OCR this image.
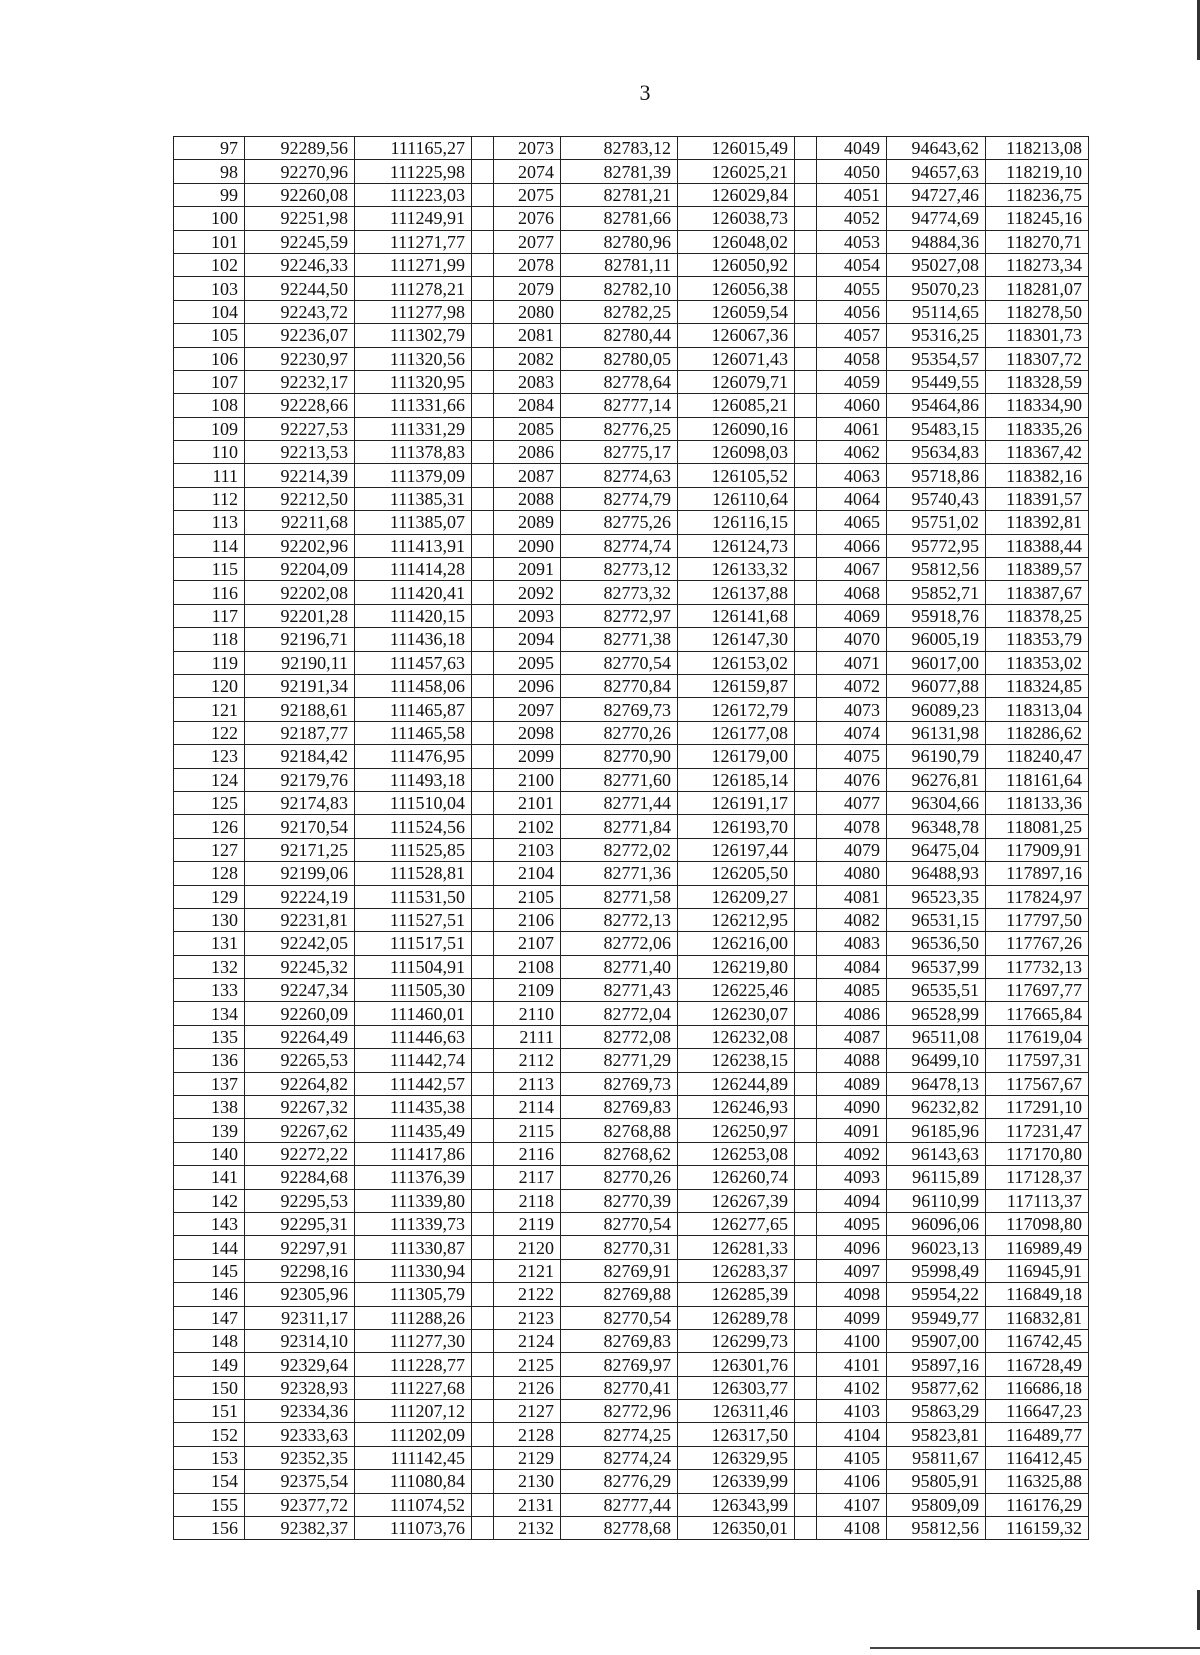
3
97	92289,56	111165,27		2073	82783,12	126015,49		4049	94643,62	118213,08
98	92270,96	111225,98		2074	82781,39	126025,21		4050	94657,63	118219,10
99	92260,08	111223,03		2075	82781,21	126029,84		4051	94727,46	118236,75
100	92251,98	111249,91		2076	82781,66	126038,73		4052	94774,69	118245,16
101	92245,59	111271,77		2077	82780,96	126048,02		4053	94884,36	118270,71
102	92246,33	111271,99		2078	82781,11	126050,92		4054	95027,08	118273,34
103	92244,50	111278,21		2079	82782,10	126056,38		4055	95070,23	118281,07
104	92243,72	111277,98		2080	82782,25	126059,54		4056	95114,65	118278,50
105	92236,07	111302,79		2081	82780,44	126067,36		4057	95316,25	118301,73
106	92230,97	111320,56		2082	82780,05	126071,43		4058	95354,57	118307,72
107	92232,17	111320,95		2083	82778,64	126079,71		4059	95449,55	118328,59
108	92228,66	111331,66		2084	82777,14	126085,21		4060	95464,86	118334,90
109	92227,53	111331,29		2085	82776,25	126090,16		4061	95483,15	118335,26
110	92213,53	111378,83		2086	82775,17	126098,03		4062	95634,83	118367,42
111	92214,39	111379,09		2087	82774,63	126105,52		4063	95718,86	118382,16
112	92212,50	111385,31		2088	82774,79	126110,64		4064	95740,43	118391,57
113	92211,68	111385,07		2089	82775,26	126116,15		4065	95751,02	118392,81
114	92202,96	111413,91		2090	82774,74	126124,73		4066	95772,95	118388,44
115	92204,09	111414,28		2091	82773,12	126133,32		4067	95812,56	118389,57
116	92202,08	111420,41		2092	82773,32	126137,88		4068	95852,71	118387,67
117	92201,28	111420,15		2093	82772,97	126141,68		4069	95918,76	118378,25
118	92196,71	111436,18		2094	82771,38	126147,30		4070	96005,19	118353,79
119	92190,11	111457,63		2095	82770,54	126153,02		4071	96017,00	118353,02
120	92191,34	111458,06		2096	82770,84	126159,87		4072	96077,88	118324,85
121	92188,61	111465,87		2097	82769,73	126172,79		4073	96089,23	118313,04
122	92187,77	111465,58		2098	82770,26	126177,08		4074	96131,98	118286,62
123	92184,42	111476,95		2099	82770,90	126179,00		4075	96190,79	118240,47
124	92179,76	111493,18		2100	82771,60	126185,14		4076	96276,81	118161,64
125	92174,83	111510,04		2101	82771,44	126191,17		4077	96304,66	118133,36
126	92170,54	111524,56		2102	82771,84	126193,70		4078	96348,78	118081,25
127	92171,25	111525,85		2103	82772,02	126197,44		4079	96475,04	117909,91
128	92199,06	111528,81		2104	82771,36	126205,50		4080	96488,93	117897,16
129	92224,19	111531,50		2105	82771,58	126209,27		4081	96523,35	117824,97
130	92231,81	111527,51		2106	82772,13	126212,95		4082	96531,15	117797,50
131	92242,05	111517,51		2107	82772,06	126216,00		4083	96536,50	117767,26
132	92245,32	111504,91		2108	82771,40	126219,80		4084	96537,99	117732,13
133	92247,34	111505,30		2109	82771,43	126225,46		4085	96535,51	117697,77
134	92260,09	111460,01		2110	82772,04	126230,07		4086	96528,99	117665,84
135	92264,49	111446,63		2111	82772,08	126232,08		4087	96511,08	117619,04
136	92265,53	111442,74		2112	82771,29	126238,15		4088	96499,10	117597,31
137	92264,82	111442,57		2113	82769,73	126244,89		4089	96478,13	117567,67
138	92267,32	111435,38		2114	82769,83	126246,93		4090	96232,82	117291,10
139	92267,62	111435,49		2115	82768,88	126250,97		4091	96185,96	117231,47
140	92272,22	111417,86		2116	82768,62	126253,08		4092	96143,63	117170,80
141	92284,68	111376,39		2117	82770,26	126260,74		4093	96115,89	117128,37
142	92295,53	111339,80		2118	82770,39	126267,39		4094	96110,99	117113,37
143	92295,31	111339,73		2119	82770,54	126277,65		4095	96096,06	117098,80
144	92297,91	111330,87		2120	82770,31	126281,33		4096	96023,13	116989,49
145	92298,16	111330,94		2121	82769,91	126283,37		4097	95998,49	116945,91
146	92305,96	111305,79		2122	82769,88	126285,39		4098	95954,22	116849,18
147	92311,17	111288,26		2123	82770,54	126289,78		4099	95949,77	116832,81
148	92314,10	111277,30		2124	82769,83	126299,73		4100	95907,00	116742,45
149	92329,64	111228,77		2125	82769,97	126301,76		4101	95897,16	116728,49
150	92328,93	111227,68		2126	82770,41	126303,77		4102	95877,62	116686,18
151	92334,36	111207,12		2127	82772,96	126311,46		4103	95863,29	116647,23
152	92333,63	111202,09		2128	82774,25	126317,50		4104	95823,81	116489,77
153	92352,35	111142,45		2129	82774,24	126329,95		4105	95811,67	116412,45
154	92375,54	111080,84		2130	82776,29	126339,99		4106	95805,91	116325,88
155	92377,72	111074,52		2131	82777,44	126343,99		4107	95809,09	116176,29
156	92382,37	111073,76		2132	82778,68	126350,01		4108	95812,56	116159,32
